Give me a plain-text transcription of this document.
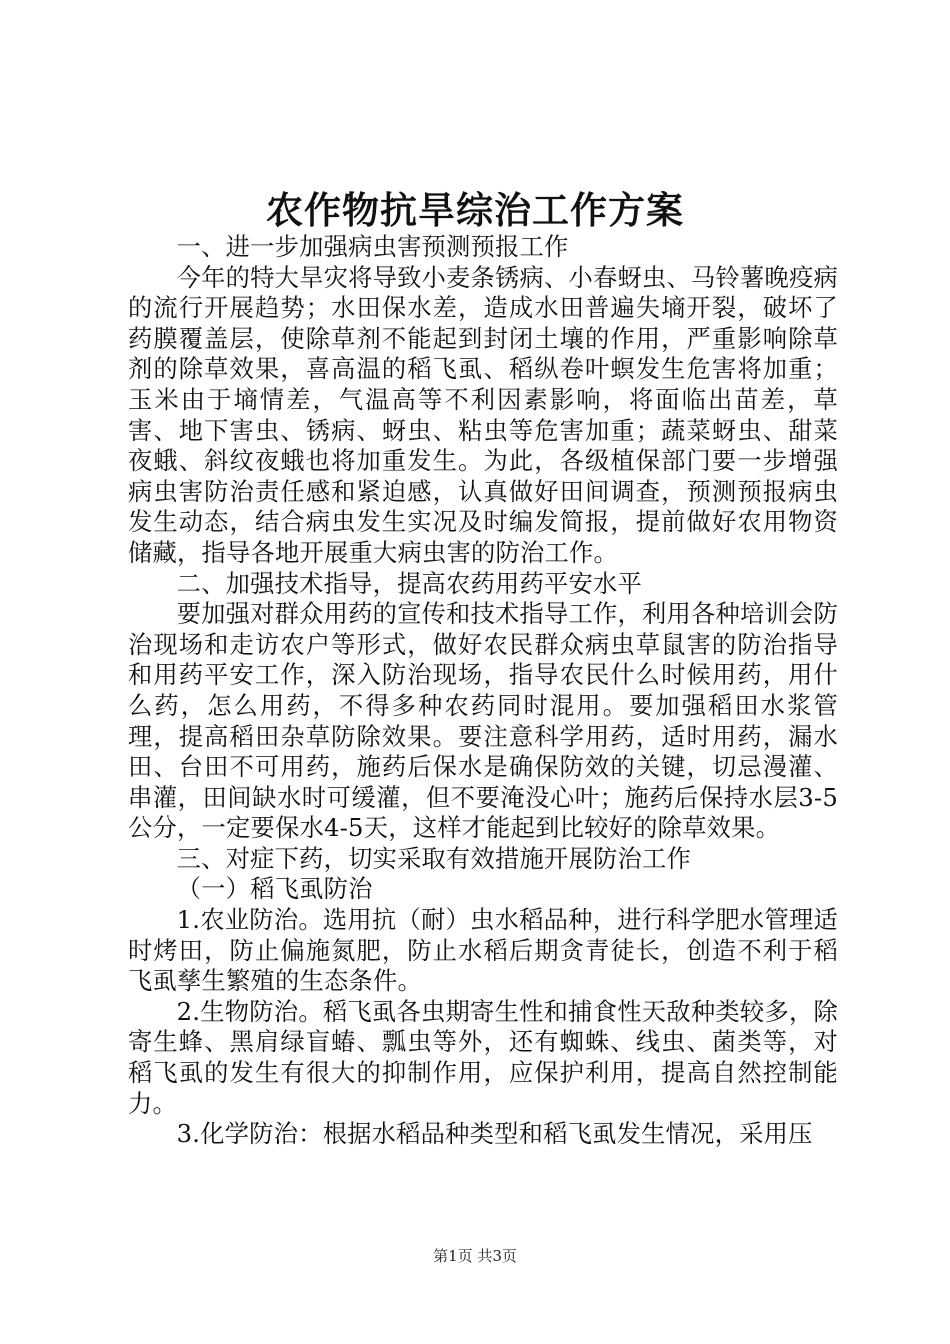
农作物抗旱综治工作方案

一、进一步加强病虫害预测预报工作

今年的特大旱灾将导致小麦条锈病、小春蚜虫、马铃薯晚疫病的流行开展趋势；水田保水差，造成水田普遍失墒开裂，破坏了药膜覆盖层，使除草剂不能起到封闭土壤的作用，严重影响除草剂的除草效果，喜高温的稻飞虱、稻纵卷叶螟发生危害将加重；玉米由于墒情差，气温高等不利因素影响，将面临出苗差，草害、地下害虫、锈病、蚜虫、粘虫等危害加重；蔬菜蚜虫、甜菜夜蛾、斜纹夜蛾也将加重发生。为此，各级植保部门要一步增强病虫害防治责任感和紧迫感，认真做好田间调查，预测预报病虫发生动态，结合病虫发生实况及时编发简报，提前做好农用物资储藏，指导各地开展重大病虫害的防治工作。

二、加强技术指导，提高农药用药平安水平

要加强对群众用药的宣传和技术指导工作，利用各种培训会防治现场和走访农户等形式，做好农民群众病虫草鼠害的防治指导和用药平安工作，深入防治现场，指导农民什么时候用药，用什么药，怎么用药，不得多种农药同时混用。要加强稻田水浆管理，提高稻田杂草防除效果。要注意科学用药，适时用药，漏水田、台田不可用药，施药后保水是确保防效的关键，切忌漫灌、串灌，田间缺水时可缓灌，但不要淹没心叶；施药后保持水层3-5公分，一定要保水4-5天，这样才能起到比较好的除草效果。

三、对症下药，切实采取有效措施开展防治工作

（一）稻飞虱防治

1.农业防治。选用抗（耐）虫水稻品种，进行科学肥水管理适时烤田，防止偏施氮肥，防止水稻后期贪青徒长，创造不利于稻飞虱孳生繁殖的生态条件。

2.生物防治。稻飞虱各虫期寄生性和捕食性天敌种类较多，除寄生蜂、黑肩绿盲蝽、瓢虫等外，还有蜘蛛、线虫、菌类等，对稻飞虱的发生有很大的抑制作用，应保护利用，提高自然控制能力。

3.化学防治：根据水稻品种类型和稻飞虱发生情况，采用压

第1页 共3页
